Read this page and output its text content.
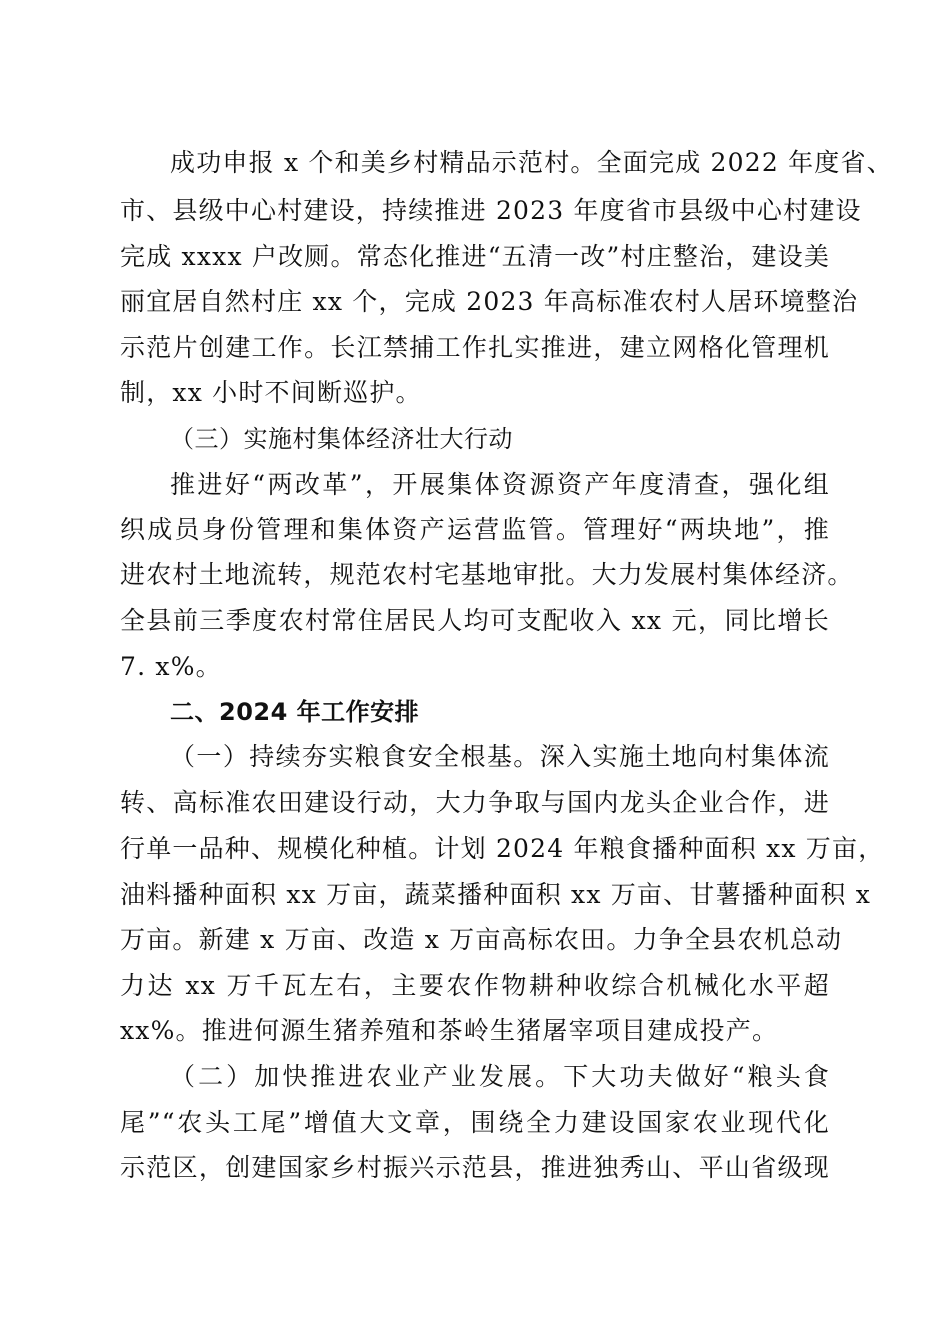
成功申报 x 个和美乡村精品示范村。全面完成 2022 年度省、
市、县级中心村建设，持续推进 2023 年度省市县级中心村建设
完成 xxxx 户改厕。常态化推进“五清一改”村庄整治，建设美
丽宜居自然村庄 xx 个，完成 2023 年高标准农村人居环境整治
示范片创建工作。长江禁捕工作扎实推进，建立网格化管理机
制，xx 小时不间断巡护。
（三）实施村集体经济壮大行动
推进好“两改革”，开展集体资源资产年度清查，强化组
织成员身份管理和集体资产运营监管。管理好“两块地”，推
进农村土地流转，规范农村宅基地审批。大力发展村集体经济。
全县前三季度农村常住居民人均可支配收入 xx 元，同比增长
7. x%。
二、2024 年工作安排
（一）持续夯实粮食安全根基。深入实施土地向村集体流
转、高标准农田建设行动，大力争取与国内龙头企业合作，进
行单一品种、规模化种植。计划 2024 年粮食播种面积 xx 万亩，
油料播种面积 xx 万亩，蔬菜播种面积 xx 万亩、甘薯播种面积 x
万亩。新建 x 万亩、改造 x 万亩高标农田。力争全县农机总动
力达 xx 万千瓦左右，主要农作物耕种收综合机械化水平超
xx%。推进何源生猪养殖和茶岭生猪屠宰项目建成投产。
（二）加快推进农业产业发展。下大功夫做好“粮头食
尾”“农头工尾”增值大文章，围绕全力建设国家农业现代化
示范区，创建国家乡村振兴示范县，推进独秀山、平山省级现
